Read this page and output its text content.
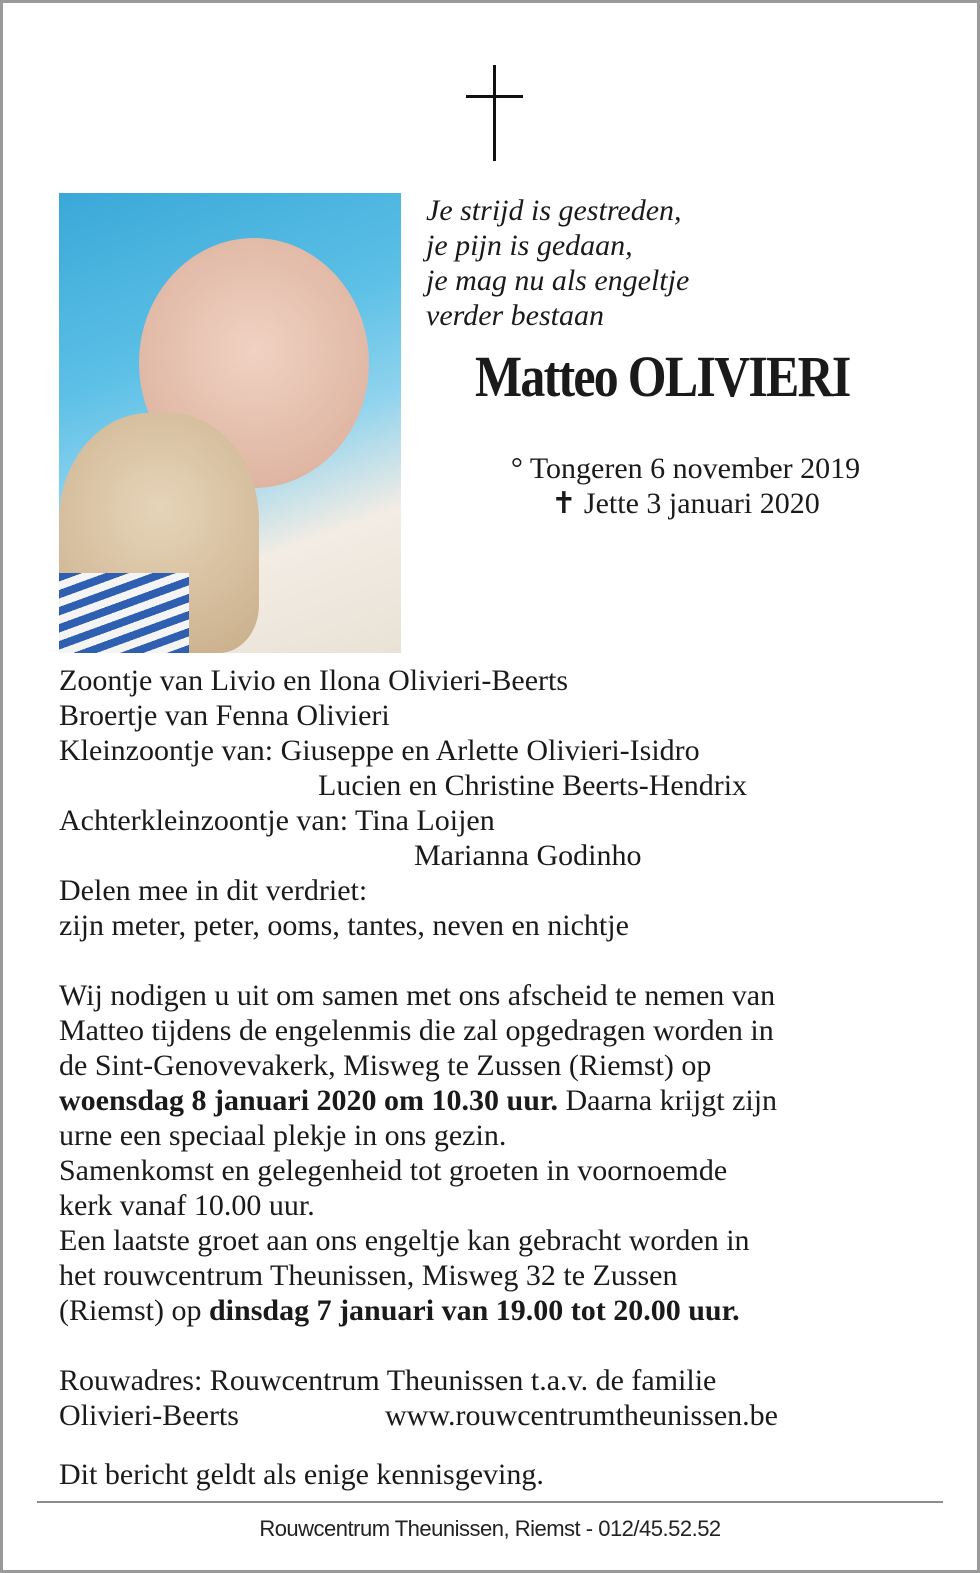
Je strijd is gestreden,
je pijn is gedaan,
je mag nu als engeltje
verder bestaan
Matteo OLIVIERI
° Tongeren 6 november 2019
✝ Jette 3 januari 2020
Zoontje van Livio en Ilona Olivieri-Beerts
Broertje van Fenna Olivieri
Kleinzoontje van: Giuseppe en Arlette Olivieri-Isidro
Lucien en Christine Beerts-Hendrix
Achterkleinzoontje van: Tina Loijen
Marianna Godinho
Delen mee in dit verdriet:
zijn meter, peter, ooms, tantes, neven en nichtje
Wij nodigen u uit om samen met ons afscheid te nemen van
Matteo tijdens de engelenmis die zal opgedragen worden in
de Sint-Genovevakerk, Misweg te Zussen (Riemst) op
woensdag 8 januari 2020 om 10.30 uur. Daarna krijgt zijn
urne een speciaal plekje in ons gezin.
Samenkomst en gelegenheid tot groeten in voornoemde
kerk vanaf 10.00 uur.
Een laatste groet aan ons engeltje kan gebracht worden in
het rouwcentrum Theunissen, Misweg 32 te Zussen
(Riemst) op dinsdag 7 januari van 19.00 tot 20.00 uur.
Rouwadres: Rouwcentrum Theunissen t.a.v. de familie
Olivieri-Beerts	www.rouwcentrumtheunissen.be
Dit bericht geldt als enige kennisgeving.
Rouwcentrum Theunissen, Riemst - 012/45.52.52
